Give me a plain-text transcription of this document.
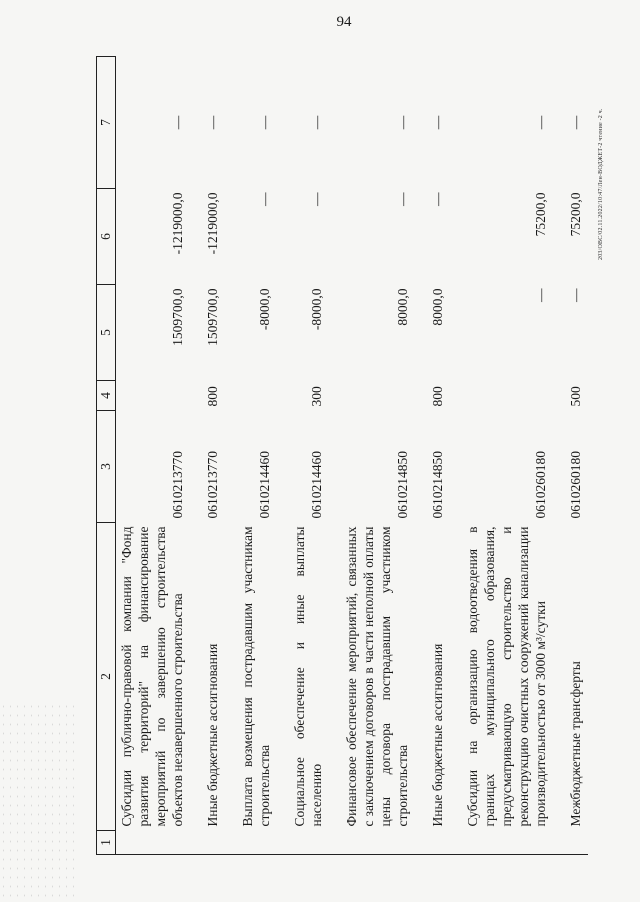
94
1	2	3	4	5	6	7
	Субсидии публично-правовой компании "Фонд развития территорий" на финансирование мероприятий по завершению строительства объектов незавершенного строительства	0610213770		1509700,0	-1219000,0	—
	Иные бюджетные ассигнования	0610213770	800	1509700,0	-1219000,0	—
	Выплата возмещения пострадавшим участникам строительства	0610214460		-8000,0	—	—
	Социальное обеспечение и иные выплаты населению	0610214460	300	-8000,0	—	—
	Финансовое обеспечение мероприятий, связанных с заключением договоров в части неполной оплаты цены договора пострадавшим участником строительства	0610214850		8000,0	—	—
	Иные бюджетные ассигнования	0610214850	800	8000,0	—	—
	Субсидии на организацию водоотведения в границах муниципального образования, предусматривающую строительство и реконструкцию очистных сооружений канализации производительностью от 3000 м³/сутки	0610260180		—	75200,0	—
	Межбюджетные трансферты	0610260180	500	—	75200,0	—	203/ОВС/02.11.2022/10:47/Лен-ВОДЖЕТ-2 чтение -2 ч.
